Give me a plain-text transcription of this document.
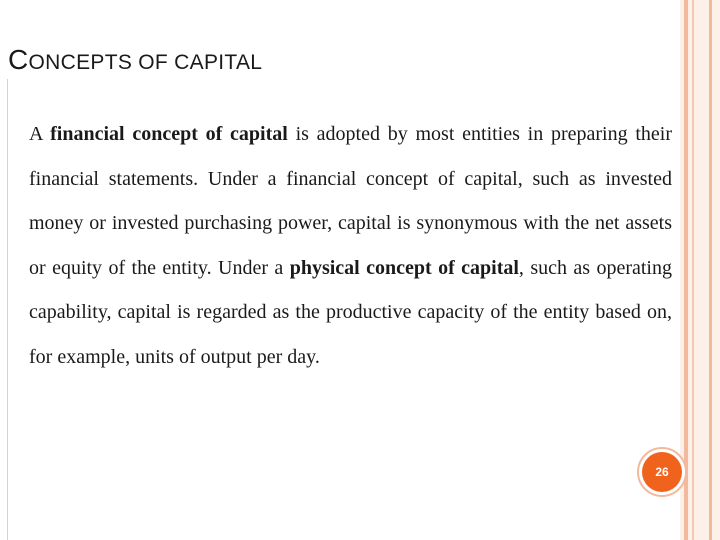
CONCEPTS OF CAPITAL

A financial concept of capital is adopted by most entities in preparing their financial statements. Under a financial concept of capital, such as invested money or invested purchasing power, capital is synonymous with the net assets or equity of the entity. Under a physical concept of capital, such as operating capability, capital is regarded as the productive capacity of the entity based on, for example, units of output per day.

26
